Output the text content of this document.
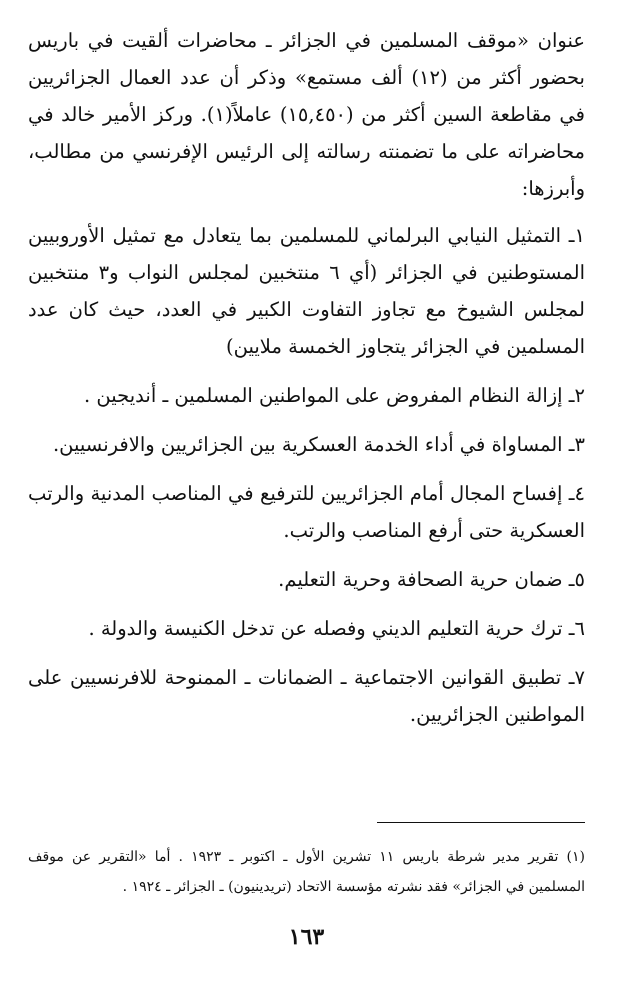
عنوان «موقف المسلمين في الجزائر ـ محاضرات ألقيت في باريس بحضور أكثر من (١٢) ألف مستمع» وذكر أن عدد العمال الجزائريين في مقاطعة السين أكثر من (١٥,٤٥٠) عاملاً(١). وركز الأمير خالد في محاضراته على ما تضمنته رسالته إلى الرئيس الإفرنسي من مطالب، وأبرزها:

١ـ التمثيل النيابي البرلماني للمسلمين بما يتعادل مع تمثيل الأوروبيين المستوطنين في الجزائر (أي ٦ منتخبين لمجلس النواب و٣ منتخبين لمجلس الشيوخ مع تجاوز التفاوت الكبير في العدد، حيث كان عدد المسلمين في الجزائر يتجاوز الخمسة ملايين)

٢ـ إزالة النظام المفروض على المواطنين المسلمين ـ أنديجين .

٣ـ المساواة في أداء الخدمة العسكرية بين الجزائريين والافرنسيين.

٤ـ إفساح المجال أمام الجزائريين للترفيع في المناصب المدنية والرتب العسكرية حتى أرفع المناصب والرتب.

٥ـ ضمان حرية الصحافة وحرية التعليم.

٦ـ ترك حرية التعليم الديني وفصله عن تدخل الكنيسة والدولة .

٧ـ تطبيق القوانين الاجتماعية ـ الضمانات ـ الممنوحة للافرنسيين على المواطنين الجزائريين.

(١) تقرير مدير شرطة باريس ١١ تشرين الأول ـ اكتوبر ـ ١٩٢٣ . أما «التقرير عن موقف المسلمين في الجزائر» فقد نشرته مؤسسة الاتحاد (تريدينيون) ـ الجزائر ـ ١٩٢٤ .

١٦٣
